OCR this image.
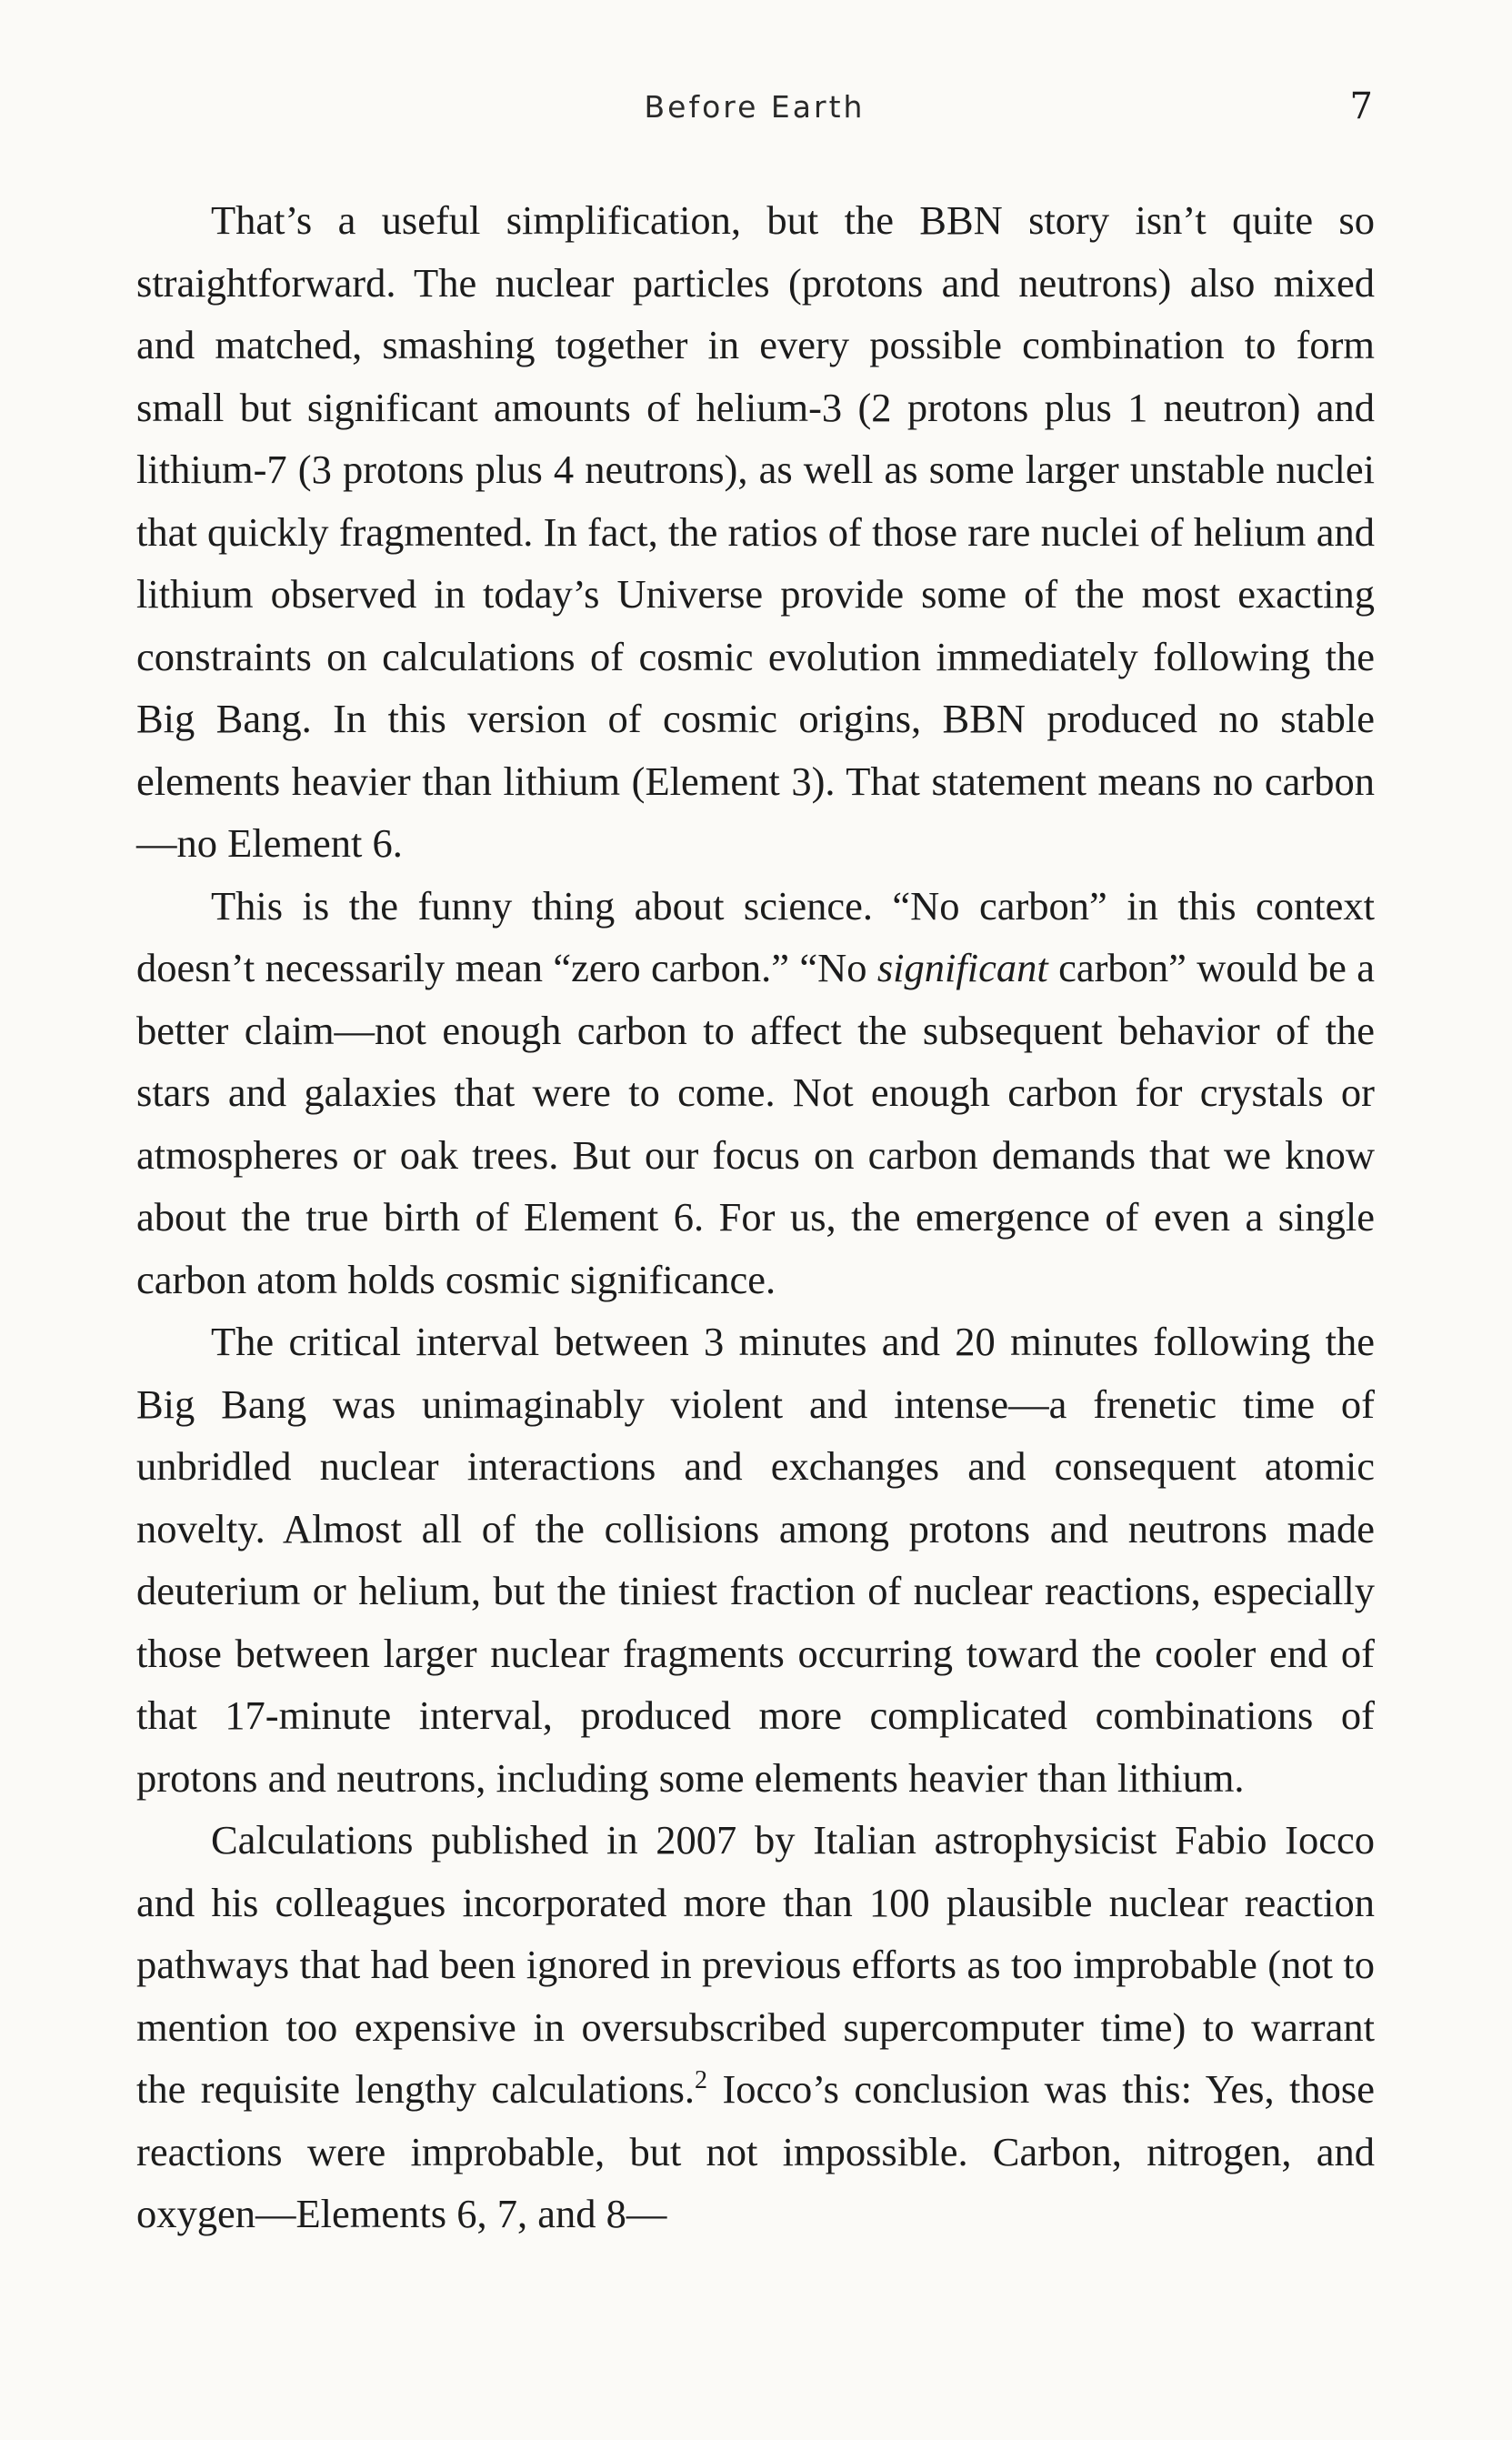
Before Earth	7

That’s a useful simplification, but the BBN story isn’t quite so straightforward. The nuclear particles (protons and neutrons) also mixed and matched, smashing together in every possible combination to form small but significant amounts of helium-3 (2 protons plus 1 neutron) and lithium-7 (3 protons plus 4 neutrons), as well as some larger unstable nuclei that quickly fragmented. In fact, the ratios of those rare nuclei of helium and lithium observed in today’s Universe provide some of the most exacting constraints on calculations of cosmic evolution immediately following the Big Bang. In this version of cosmic origins, BBN produced no stable elements heavier than lithium (Element 3). That statement means no carbon—no Element 6.

This is the funny thing about science. “No carbon” in this context doesn’t necessarily mean “zero carbon.” “No significant carbon” would be a better claim—not enough carbon to affect the subsequent behavior of the stars and galaxies that were to come. Not enough carbon for crystals or atmospheres or oak trees. But our focus on carbon demands that we know about the true birth of Element 6. For us, the emergence of even a single carbon atom holds cosmic significance.

The critical interval between 3 minutes and 20 minutes following the Big Bang was unimaginably violent and intense—a frenetic time of unbridled nuclear interactions and exchanges and consequent atomic novelty. Almost all of the collisions among protons and neutrons made deuterium or helium, but the tiniest fraction of nuclear reactions, especially those between larger nuclear fragments occurring toward the cooler end of that 17-minute interval, produced more complicated combinations of protons and neutrons, including some elements heavier than lithium.

Calculations published in 2007 by Italian astrophysicist Fabio Iocco and his colleagues incorporated more than 100 plausible nuclear reaction pathways that had been ignored in previous efforts as too improbable (not to mention too expensive in oversubscribed supercomputer time) to warrant the requisite lengthy calculations.$^2$ Iocco’s conclusion was this: Yes, those reactions were improbable, but not impossible. Carbon, nitrogen, and oxygen—Elements 6, 7, and 8—
